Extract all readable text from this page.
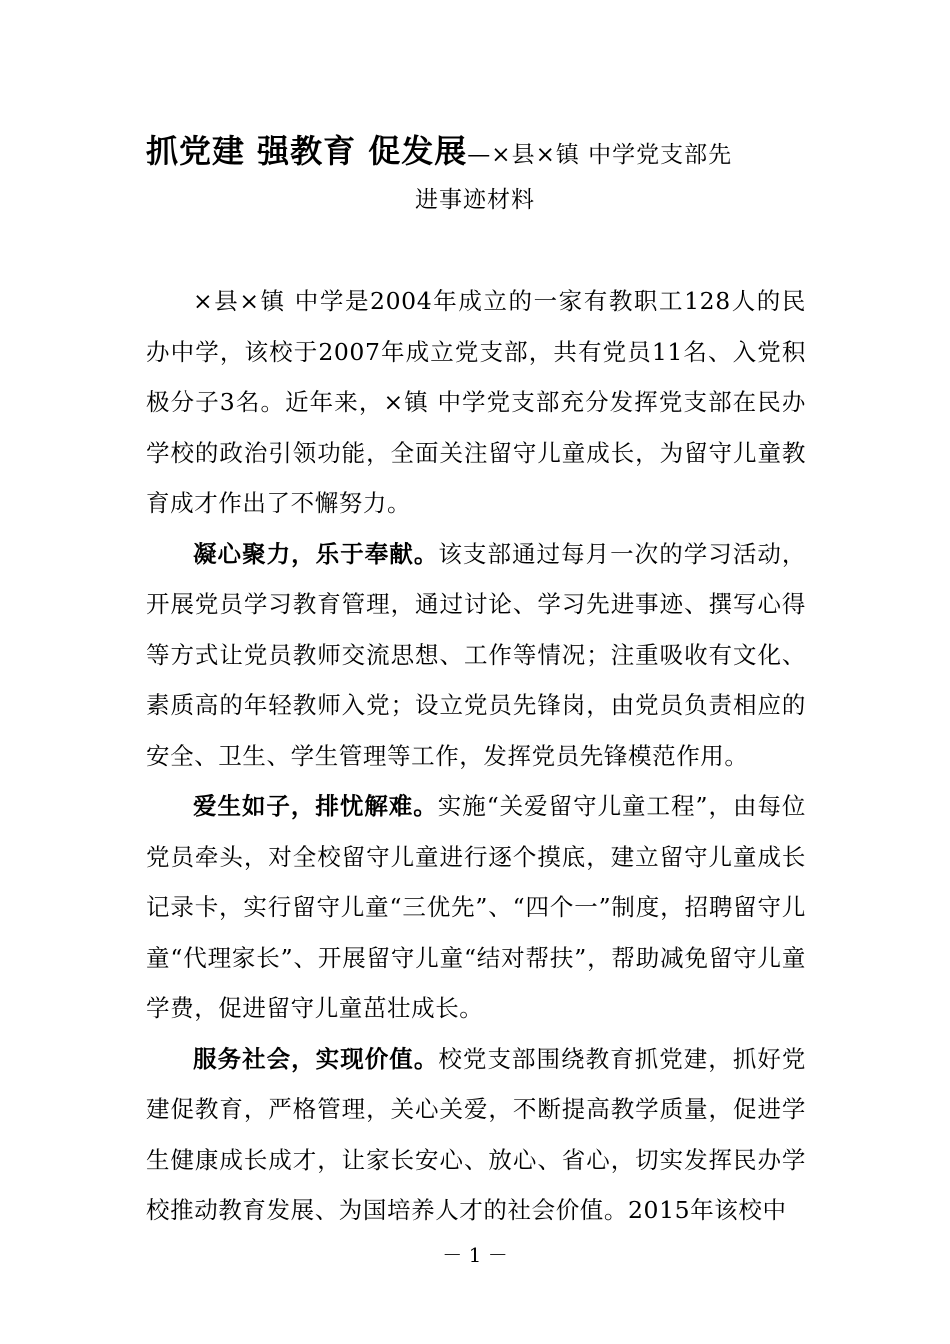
抓党建 强教育 促发展—×县×镇 中学党支部先
进事迹材料

×县×镇 中学是2004年成立的一家有教职工128人的民办中学，该校于2007年成立党支部，共有党员11名、入党积极分子3名。近年来，×镇 中学党支部充分发挥党支部在民办学校的政治引领功能，全面关注留守儿童成长，为留守儿童教育成才作出了不懈努力。

凝心聚力，乐于奉献。该支部通过每月一次的学习活动，开展党员学习教育管理，通过讨论、学习先进事迹、撰写心得等方式让党员教师交流思想、工作等情况；注重吸收有文化、素质高的年轻教师入党；设立党员先锋岗，由党员负责相应的安全、卫生、学生管理等工作，发挥党员先锋模范作用。

爱生如子，排忧解难。实施“关爱留守儿童工程”，由每位党员牵头，对全校留守儿童进行逐个摸底，建立留守儿童成长记录卡，实行留守儿童“三优先”、“四个一”制度，招聘留守儿童“代理家长”、开展留守儿童“结对帮扶”，帮助减免留守儿童学费，促进留守儿童茁壮成长。

服务社会，实现价值。校党支部围绕教育抓党建，抓好党建促教育，严格管理，关心关爱，不断提高教学质量，促进学生健康成长成才，让家长安心、放心、省心，切实发挥民办学校推动教育发展、为国培养人才的社会价值。2015年该校中

－ 1 －
